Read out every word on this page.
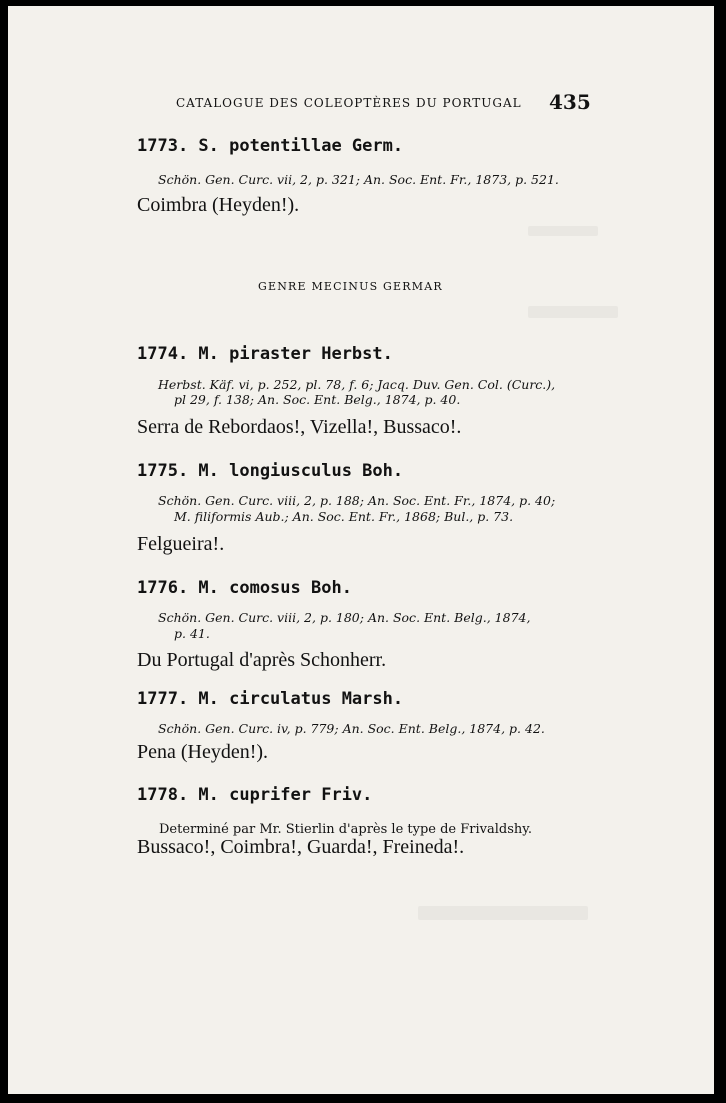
CATALOGUE DES COLEOPTÈRES DU PORTUGAL 435
1773. S. potentillae Germ.
Schön. Gen. Curc. vii, 2, p. 321; An. Soc. Ent. Fr., 1873, p. 521.
Coimbra (Heyden!).
GENRE MECINUS GERMAR
1774. M. piraster Herbst.
Herbst. Käf. vi, p. 252, pl. 78, f. 6; Jacq. Duv. Gen. Col. (Curc.),
pl 29, f. 138; An. Soc. Ent. Belg., 1874, p. 40.
Serra de Rebordaos!, Vizella!, Bussaco!.
1775. M. longiusculus Boh.
Schön. Gen. Curc. viii, 2, p. 188; An. Soc. Ent. Fr., 1874, p. 40;
M. filiformis Aub.; An. Soc. Ent. Fr., 1868; Bul., p. 73.
Felgueira!.
1776. M. comosus Boh.
Schön. Gen. Curc. viii, 2, p. 180; An. Soc. Ent. Belg., 1874,
p. 41.
Du Portugal d'après Schonherr.
1777. M. circulatus Marsh.
Schön. Gen. Curc. iv, p. 779; An. Soc. Ent. Belg., 1874, p. 42.
Pena (Heyden!).
1778. M. cuprifer Friv.
Determiné par Mr. Stierlin d'après le type de Frivaldshy.
Bussaco!, Coimbra!, Guarda!, Freineda!.
